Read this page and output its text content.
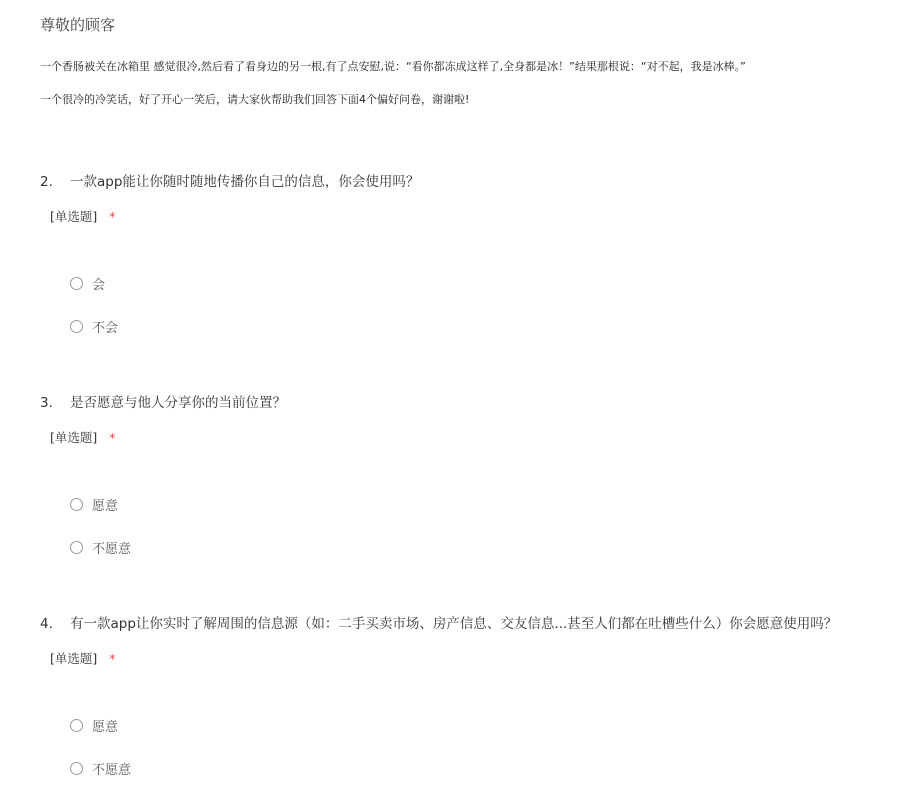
尊敬的顾客
一个香肠被关在冰箱里 感觉很冷,然后看了看身边的另一根,有了点安慰,说：“看你都冻成这样了,全身都是冰！”结果那根说：“对不起，我是冰棒。”
一个很冷的冷笑话，好了开心一笑后，请大家伙帮助我们回答下面4个偏好问卷，谢谢啦!
2.	一款app能让你随时随地传播你自己的信息，你会使用吗？
[单选题] *
会
不会
3.	是否愿意与他人分享你的当前位置？
[单选题] *
愿意
不愿意
4.	有一款app让你实时了解周围的信息源（如：二手买卖市场、房产信息、交友信息...甚至人们都在吐槽些什么）你会愿意使用吗？
[单选题] *
愿意
不愿意
